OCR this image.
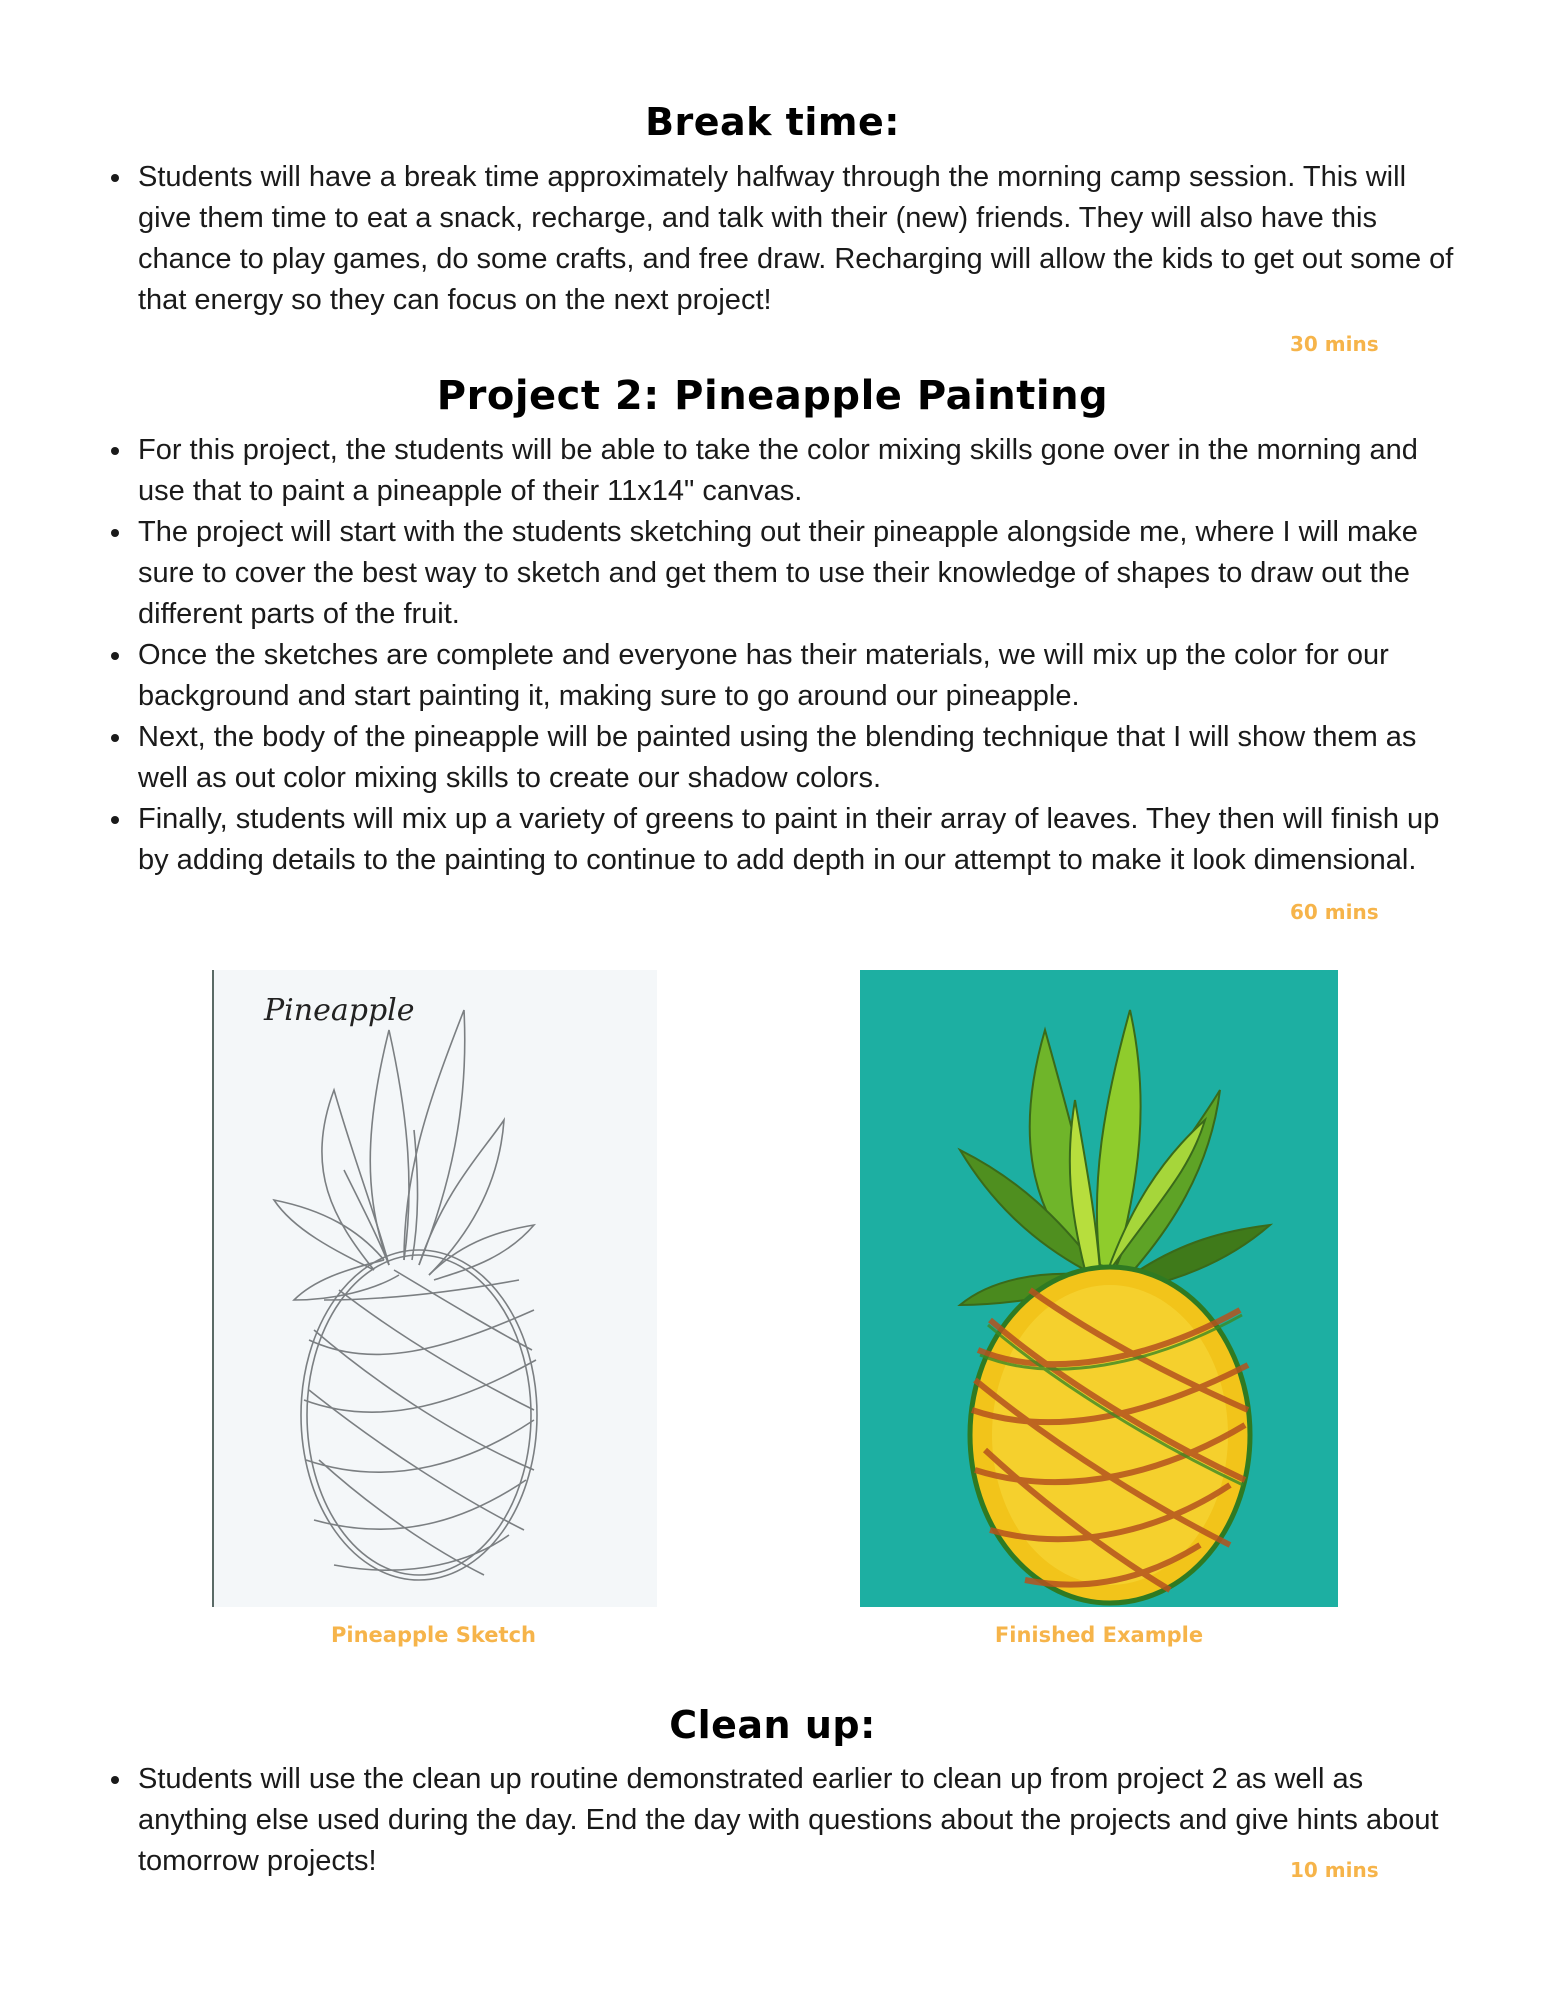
Break time:
Students will have a break time approximately halfway through the morning camp session. This will give them time to eat a snack, recharge, and talk with their (new) friends. They will also have this chance to play games, do some crafts, and free draw. Recharging will allow the kids to get out some of that energy so they can focus on the next project!
30 mins
Project 2: Pineapple Painting
For this project, the students will be able to take the color mixing skills gone over in the morning and use that to paint a pineapple of their 11x14" canvas.
The project will start with the students sketching out their pineapple alongside me, where I will make sure to cover the best way to sketch and get them to use their knowledge of shapes to draw out the different parts of the fruit.
Once the sketches are complete and everyone has their materials, we will mix up the color for our background and start painting it, making sure to go around our pineapple.
Next, the body of the pineapple will be painted using the blending technique that I will show them as well as out color mixing skills to create our shadow colors.
Finally, students will mix up a variety of greens to paint in their array of leaves. They then will finish up by adding details to the painting to continue to add depth in our attempt to make it look dimensional.
60 mins
Pineapple
Pineapple Sketch	Finished Example
Clean up:
Students will use the clean up routine demonstrated earlier to clean up from project 2 as well as anything else used during the day. End the day with questions about the projects and give hints about tomorrow projects!	10 mins
